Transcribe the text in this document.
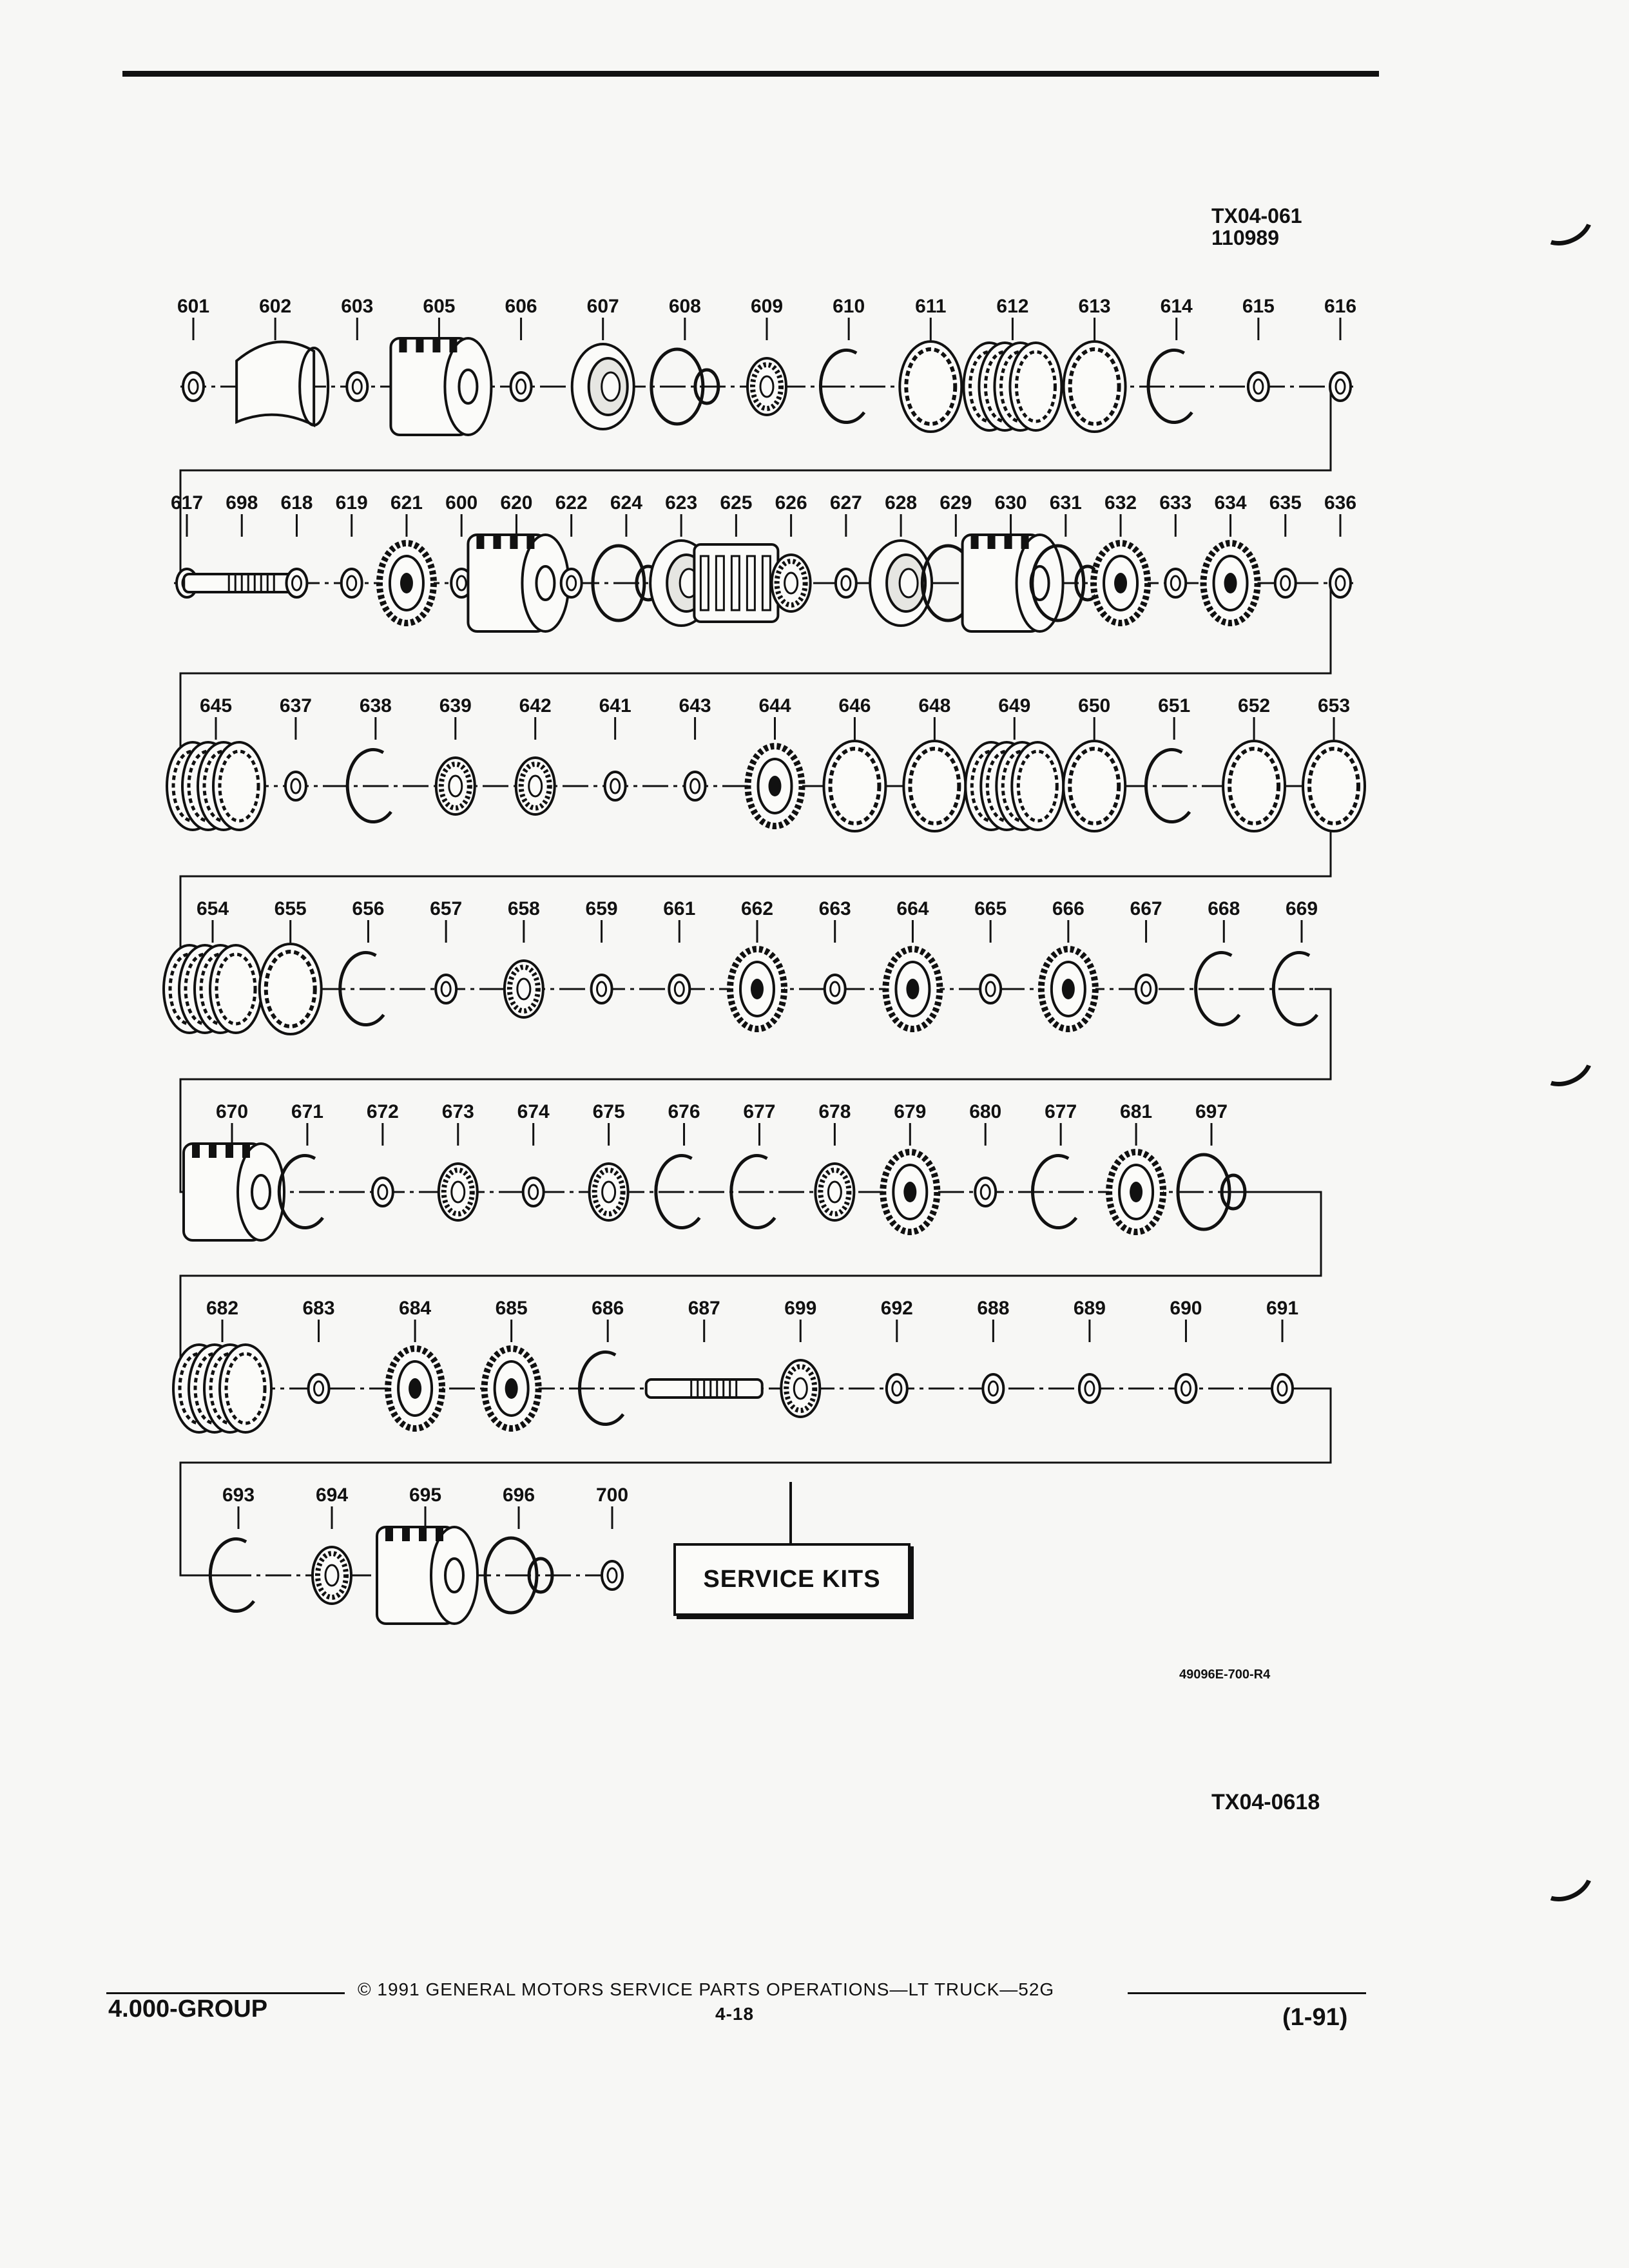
TX04-061
110989
601	602	603	605	606	607	608	609	610	611	612	613	614	615	616
617 698 618 619 621 600 620 622 624 623 625 626 627 628 629 630 631 632 633 634 635 636
645 637 638 639 642 641 643 644 646 648 649 650 651 652 653
654 655 656 657 658 659 661 662 663 664 665 666 667 668 669
670 671 672 673 674 675 676 677 678 679 680 677 681 697
682	683	684	685	686	687	699	692	688	689	690	691
693	694	695	696	700
SERVICE KITS
49096E-700-R4
TX04-0618
4.000-GROUP
© 1991 GENERAL MOTORS SERVICE PARTS OPERATIONS—LT TRUCK—52G
4-18	(1-91)
